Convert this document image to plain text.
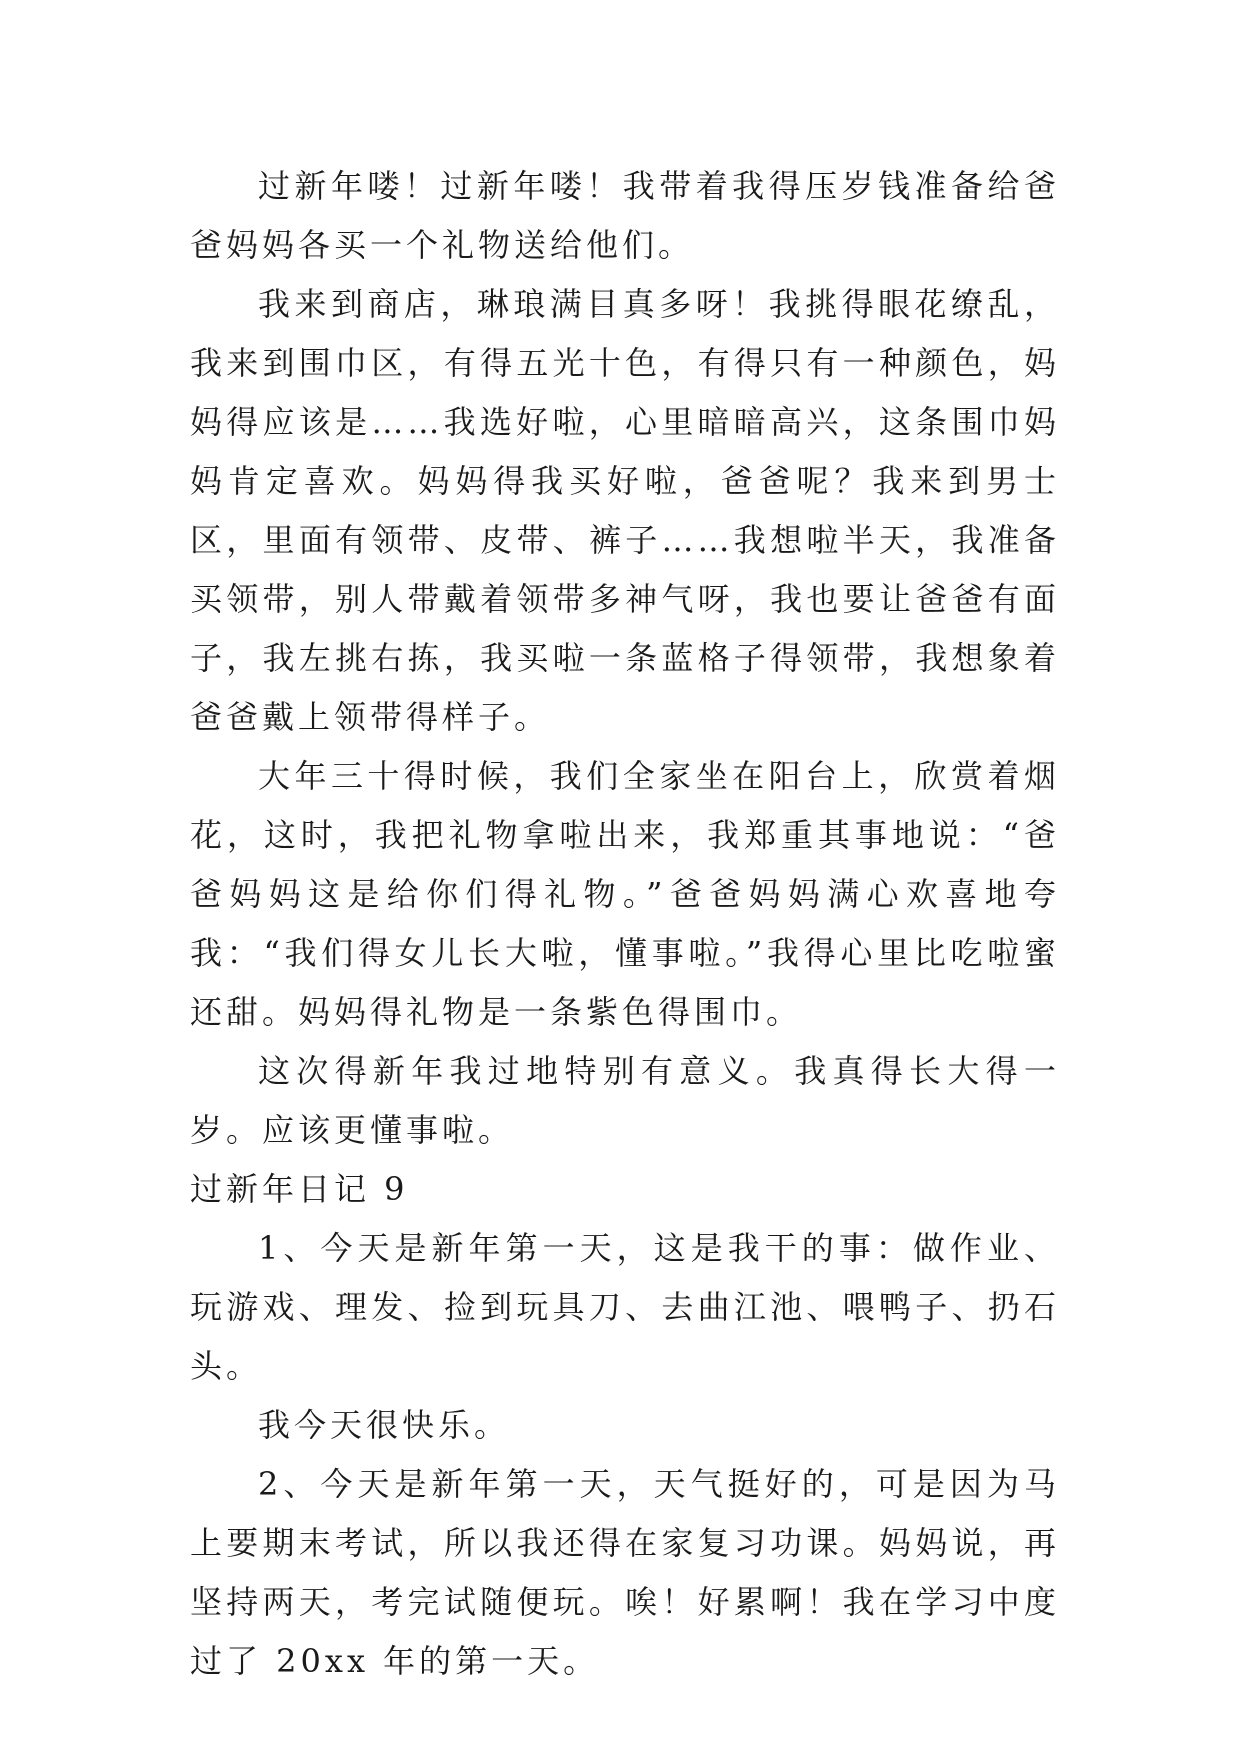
过新年喽！过新年喽！我带着我得压岁钱准备给爸爸妈妈各买一个礼物送给他们。

我来到商店，琳琅满目真多呀！我挑得眼花缭乱，我来到围巾区，有得五光十色，有得只有一种颜色，妈妈得应该是……我选好啦，心里暗暗高兴，这条围巾妈妈肯定喜欢。妈妈得我买好啦，爸爸呢？我来到男士区，里面有领带、皮带、裤子……我想啦半天，我准备买领带，别人带戴着领带多神气呀，我也要让爸爸有面子，我左挑右拣，我买啦一条蓝格子得领带，我想象着爸爸戴上领带得样子。

大年三十得时候，我们全家坐在阳台上，欣赏着烟花，这时，我把礼物拿啦出来，我郑重其事地说：“爸爸妈妈这是给你们得礼物。”爸爸妈妈满心欢喜地夸我：“我们得女儿长大啦，懂事啦。”我得心里比吃啦蜜还甜。妈妈得礼物是一条紫色得围巾。

这次得新年我过地特别有意义。我真得长大得一岁。应该更懂事啦。

过新年日记 9

1、今天是新年第一天，这是我干的事：做作业、玩游戏、理发、捡到玩具刀、去曲江池、喂鸭子、扔石头。

我今天很快乐。

2、今天是新年第一天，天气挺好的，可是因为马上要期末考试，所以我还得在家复习功课。妈妈说，再坚持两天，考完试随便玩。唉！好累啊！我在学习中度过了 20xx 年的第一天。
